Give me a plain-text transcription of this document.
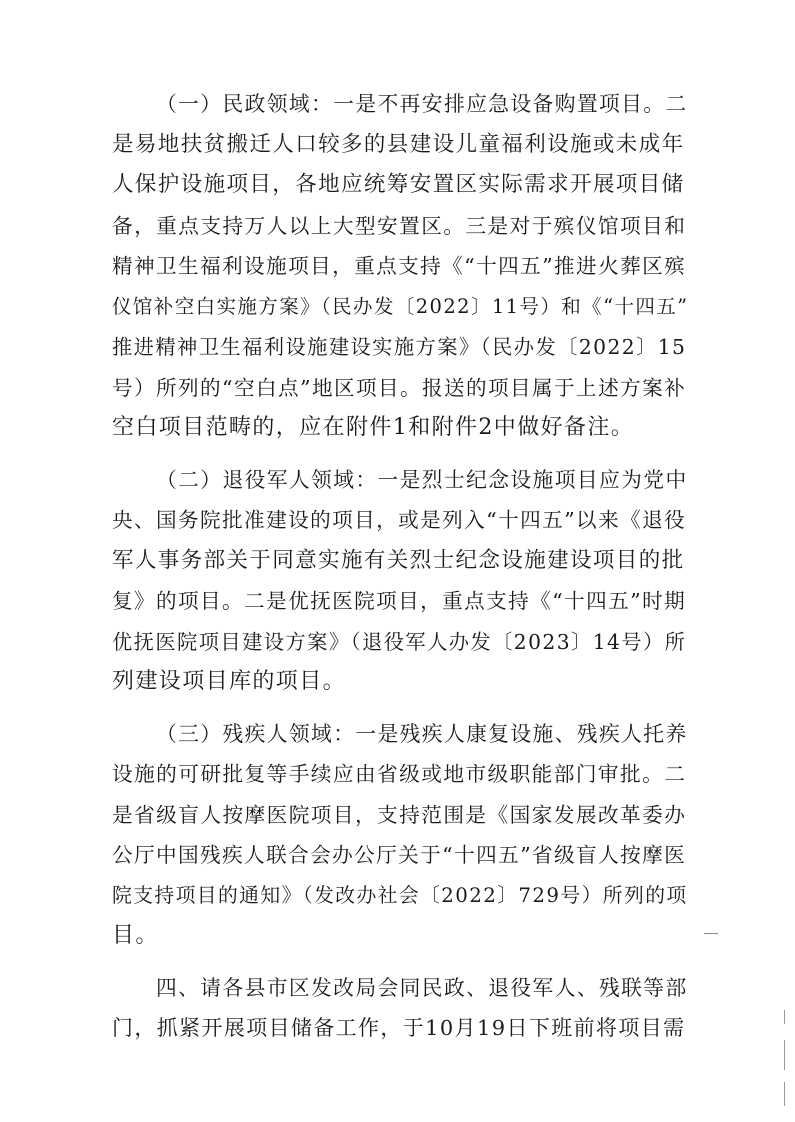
（一）民政领域：一是不再安排应急设备购置项目。二
是易地扶贫搬迁人口较多的县建设儿童福利设施或未成年
人保护设施项目，各地应统筹安置区实际需求开展项目储
备，重点支持万人以上大型安置区。三是对于殡仪馆项目和
精神卫生福利设施项目，重点支持《“十四五”推进火葬区殡
仪馆补空白实施方案》（民办发〔2022〕11号）和《“十四五”
推进精神卫生福利设施建设实施方案》（民办发〔2022〕15
号）所列的“空白点”地区项目。报送的项目属于上述方案补
空白项目范畴的，应在附件1和附件2中做好备注。

（二）退役军人领域：一是烈士纪念设施项目应为党中
央、国务院批准建设的项目，或是列入“十四五”以来《退役
军人事务部关于同意实施有关烈士纪念设施建设项目的批
复》的项目。二是优抚医院项目，重点支持《“十四五”时期
优抚医院项目建设方案》（退役军人办发〔2023〕14号）所
列建设项目库的项目。

（三）残疾人领域：一是残疾人康复设施、残疾人托养
设施的可研批复等手续应由省级或地市级职能部门审批。二
是省级盲人按摩医院项目，支持范围是《国家发展改革委办
公厅中国残疾人联合会办公厅关于“十四五”省级盲人按摩医
院支持项目的通知》（发改办社会〔2022〕729号）所列的项
目。

四、请各县市区发改局会同民政、退役军人、残联等部
门，抓紧开展项目储备工作，于10月19日下班前将项目需
